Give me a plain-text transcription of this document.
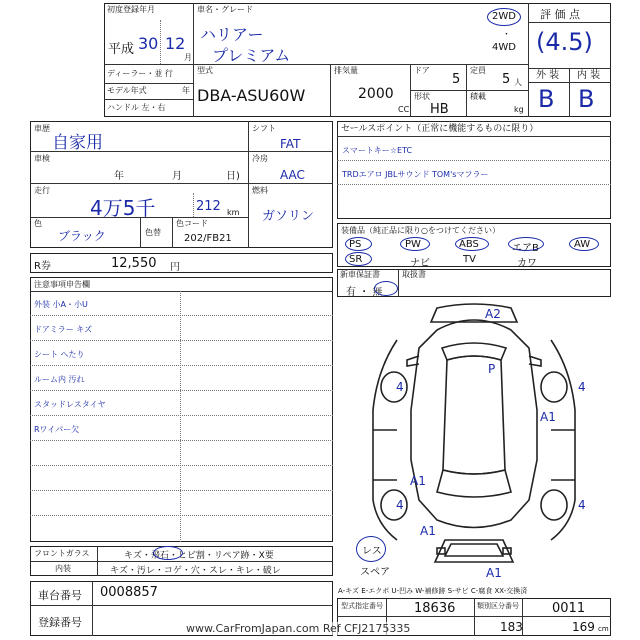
初度登録年月
平成 30 12
月
車名・グレード
ハリアー
プレミアム
2WD
・
4WD
評 価 点
(4.5)
ディーラー・並 行
モデル年式	年
ハンドル 左・右
型式
DBA-ASU60W
排気量
2000
CC
ドア
5
形状
HB
定員
5 人
積載
kg
外 装 内 装
B B
車歴
自家用
車検
年	月	日)
走行
4万5千	212 km
色
ブラック	色替
色コード
202/FB21
シフト
FAT
冷房
AAC
燃料
ガソリン
R券	12,550 円
注意事項申告欄
外装 小A・小U
ドアミラー キズ
シート へたり
ルーム内 汚れ
スタッドレスタイヤ
Rワイパー欠
フロントガラス	キズ・飛石・ヒビ割・リペア跡・X要
内装	キズ・汚レ・コゲ・穴・スレ・キレ・破レ
車台番号 0008857
登録番号
セールスポイント（正常に機能するものに限り）
スマートキー☆ETC
TRDエアロ JBLサウンド TOM'sマフラー
装備品（純正品に限り○をつけてください）
PS	PW	ABS	エアB	AW
SR	ナビ	TV	カワ
新車保証書
有 ・ 無
取扱書
A2
P
4	4
A1
A1
4	4
A1
A1
レス
スペア
A-キズ E-エクボ U-凹み W-補修跡 S-サビ C-腐食 XX-交換済
型式指定番号 18636	類別区分番号	0011
183	169 cm
www.CarFromJapan.com Ref CFJ2175335
